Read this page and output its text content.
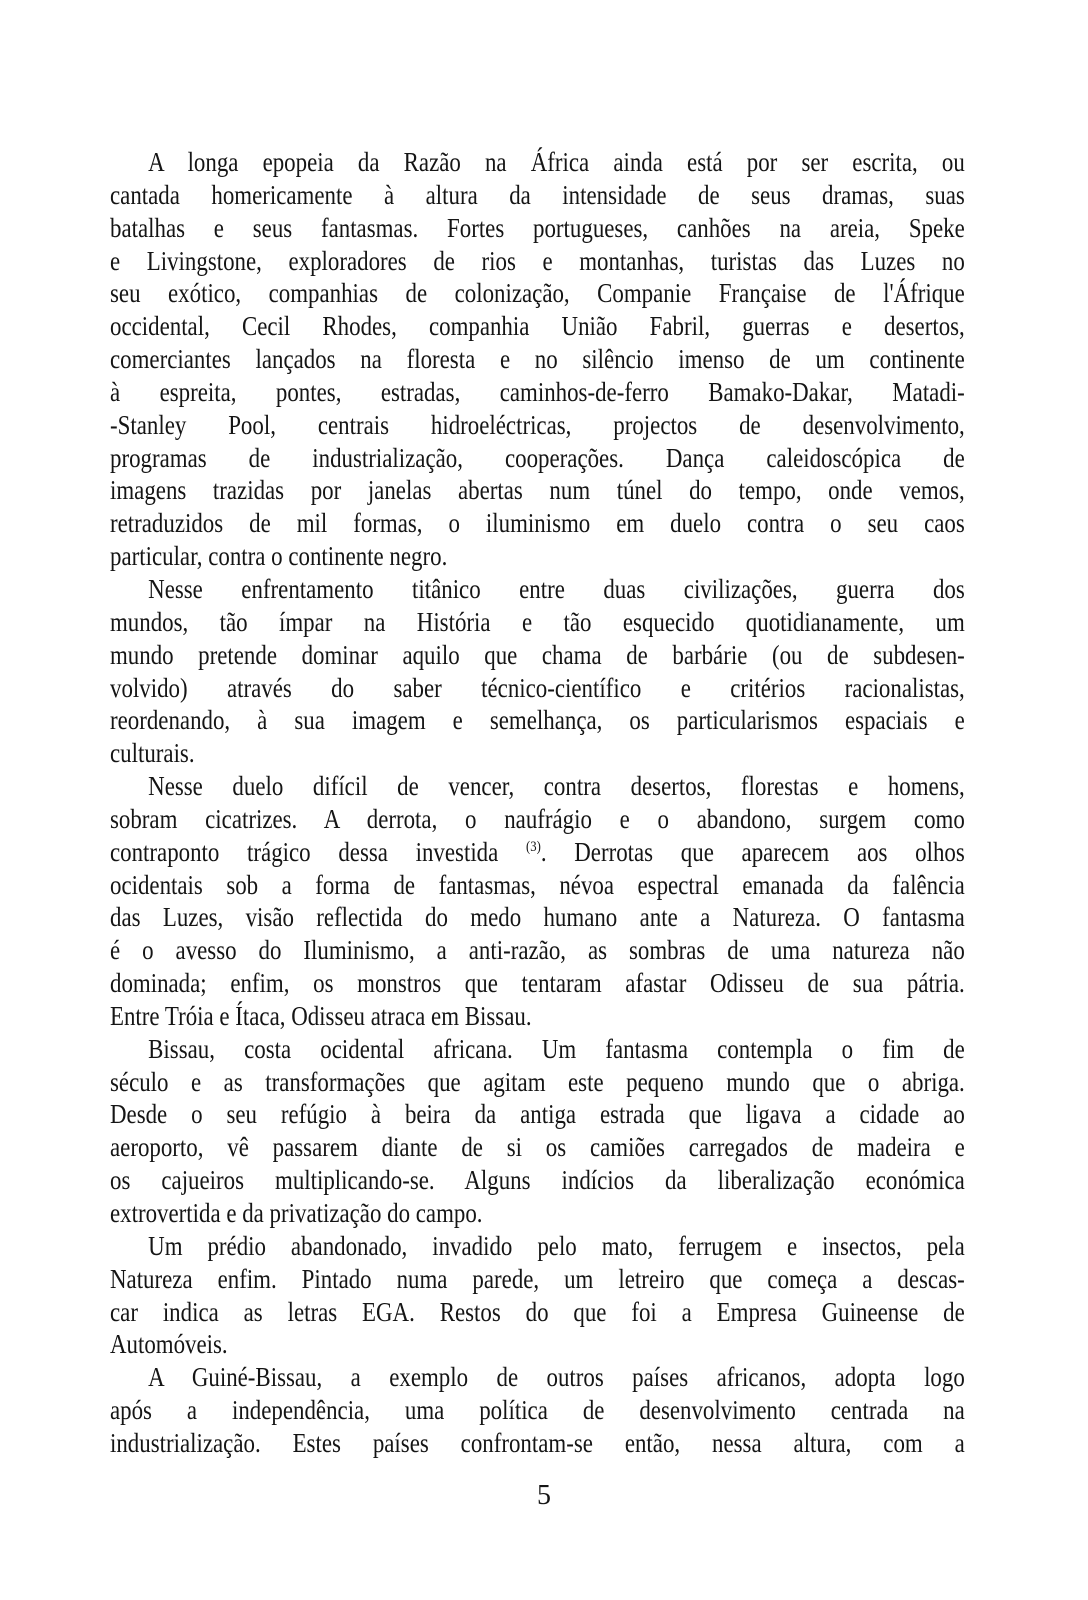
A longa epopeia da Razão na África ainda está por ser escrita, ou
cantada homericamente à altura da intensidade de seus dramas, suas
batalhas e seus fantasmas. Fortes portugueses, canhões na areia, Speke
e Livingstone, exploradores de rios e montanhas, turistas das Luzes no
seu exótico, companhias de colonização, Companie Française de l'Áfrique
occidental, Cecil Rhodes, companhia União Fabril, guerras e desertos,
comerciantes lançados na floresta e no silêncio imenso de um continente
à espreita, pontes, estradas, caminhos-de-ferro Bamako-Dakar, Matadi-
-Stanley Pool, centrais hidroeléctricas, projectos de desenvolvimento,
programas de industrialização, cooperações. Dança caleidoscópica de
imagens trazidas por janelas abertas num túnel do tempo, onde vemos,
retraduzidos de mil formas, o iluminismo em duelo contra o seu caos
particular, contra o continente negro.
Nesse enfrentamento titânico entre duas civilizações, guerra dos
mundos, tão ímpar na História e tão esquecido quotidianamente, um
mundo pretende dominar aquilo que chama de barbárie (ou de subdesen-
volvido) através do saber técnico-científico e critérios racionalistas,
reordenando, à sua imagem e semelhança, os particularismos espaciais e
culturais.
Nesse duelo difícil de vencer, contra desertos, florestas e homens,
sobram cicatrizes. A derrota, o naufrágio e o abandono, surgem como
contraponto trágico dessa investida $^{(3)}$. Derrotas que aparecem aos olhos
ocidentais sob a forma de fantasmas, névoa espectral emanada da falência
das Luzes, visão reflectida do medo humano ante a Natureza. O fantasma
é o avesso do Iluminismo, a anti-razão, as sombras de uma natureza não
dominada; enfim, os monstros que tentaram afastar Odisseu de sua pátria.
Entre Tróia e Ítaca, Odisseu atraca em Bissau.
Bissau, costa ocidental africana. Um fantasma contempla o fim de
século e as transformações que agitam este pequeno mundo que o abriga.
Desde o seu refúgio à beira da antiga estrada que ligava a cidade ao
aeroporto, vê passarem diante de si os camiões carregados de madeira e
os cajueiros multiplicando-se. Alguns indícios da liberalização económica
extrovertida e da privatização do campo.
Um prédio abandonado, invadido pelo mato, ferrugem e insectos, pela
Natureza enfim. Pintado numa parede, um letreiro que começa a descas-
car indica as letras EGA. Restos do que foi a Empresa Guineense de
Automóveis.
A Guiné-Bissau, a exemplo de outros países africanos, adopta logo
após a independência, uma política de desenvolvimento centrada na
industrialização. Estes países confrontam-se então, nessa altura, com a
5
